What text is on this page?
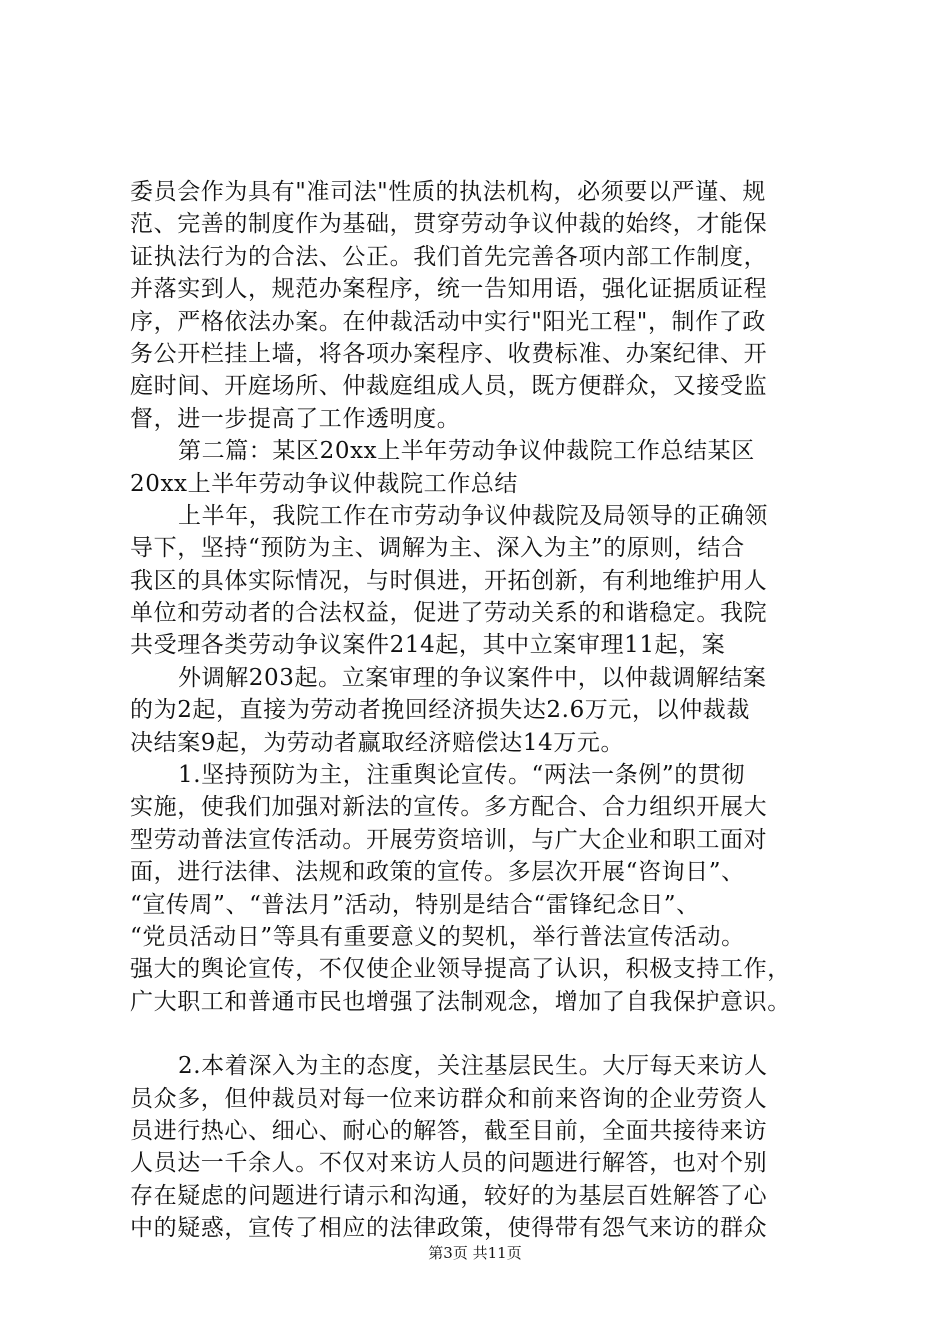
委员会作为具有"准司法"性质的执法机构，必须要以严谨、规
范、完善的制度作为基础，贯穿劳动争议仲裁的始终，才能保
证执法行为的合法、公正。我们首先完善各项内部工作制度，
并落实到人，规范办案程序，统一告知用语，强化证据质证程
序，严格依法办案。在仲裁活动中实行"阳光工程"，制作了政
务公开栏挂上墙，将各项办案程序、收费标准、办案纪律、开
庭时间、开庭场所、仲裁庭组成人员，既方便群众，又接受监
督，进一步提高了工作透明度。
第二篇：某区20xx上半年劳动争议仲裁院工作总结某区
20xx上半年劳动争议仲裁院工作总结
上半年，我院工作在市劳动争议仲裁院及局领导的正确领
导下，坚持“预防为主、调解为主、深入为主”的原则，结合
我区的具体实际情况，与时俱进，开拓创新，有利地维护用人
单位和劳动者的合法权益，促进了劳动关系的和谐稳定。我院
共受理各类劳动争议案件214起，其中立案审理11起，案
外调解203起。立案审理的争议案件中，以仲裁调解结案
的为2起，直接为劳动者挽回经济损失达2.6万元，以仲裁裁
决结案9起，为劳动者赢取经济赔偿达14万元。
1.坚持预防为主，注重舆论宣传。“两法一条例”的贯彻
实施，使我们加强对新法的宣传。多方配合、合力组织开展大
型劳动普法宣传活动。开展劳资培训，与广大企业和职工面对
面，进行法律、法规和政策的宣传。多层次开展“咨询日”、
“宣传周”、“普法月”活动，特别是结合“雷锋纪念日”、
“党员活动日”等具有重要意义的契机，举行普法宣传活动。
强大的舆论宣传，不仅使企业领导提高了认识，积极支持工作，
广大职工和普通市民也增强了法制观念，增加了自我保护意识。
2.本着深入为主的态度，关注基层民生。大厅每天来访人
员众多，但仲裁员对每一位来访群众和前来咨询的企业劳资人
员进行热心、细心、耐心的解答，截至目前，全面共接待来访
人员达一千余人。不仅对来访人员的问题进行解答，也对个别
存在疑虑的问题进行请示和沟通，较好的为基层百姓解答了心
中的疑惑，宣传了相应的法律政策，使得带有怨气来访的群众
第3页 共11页
